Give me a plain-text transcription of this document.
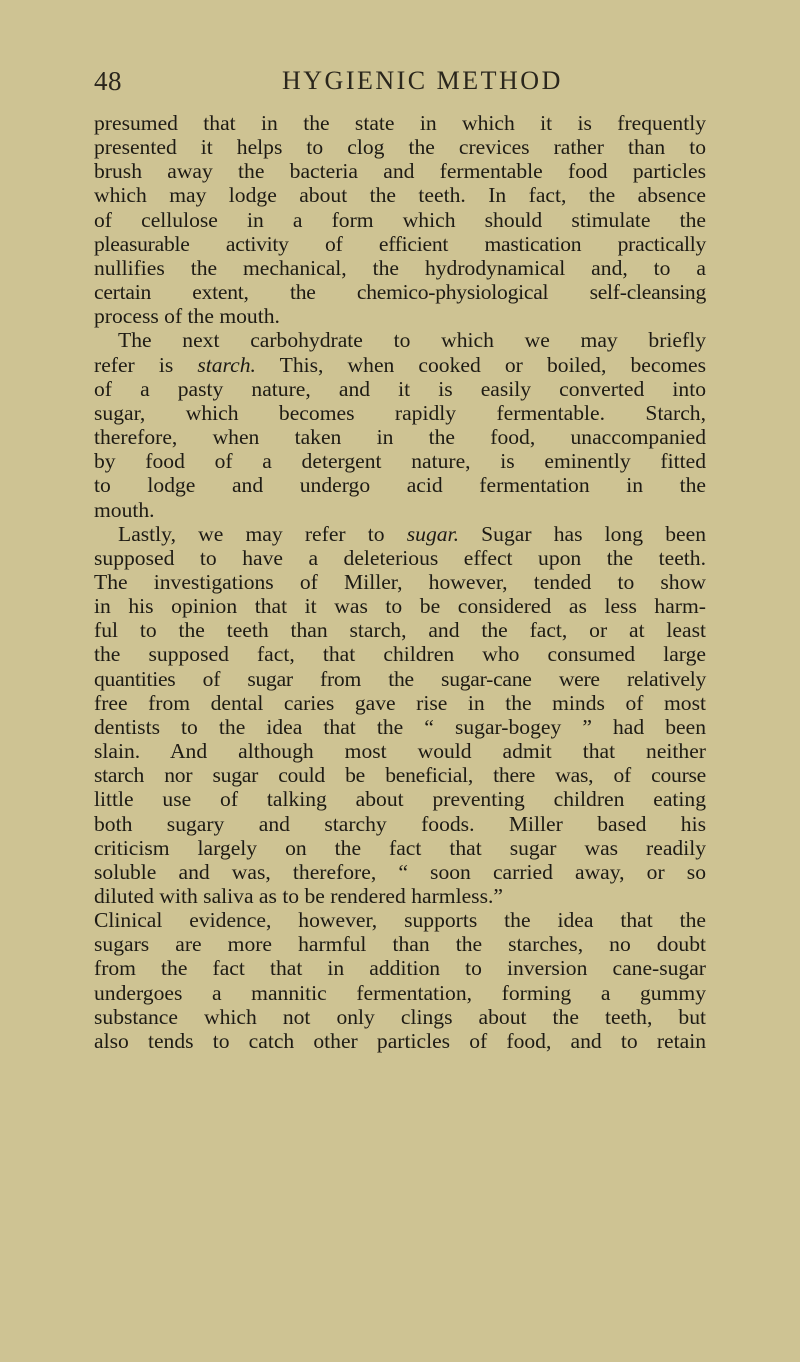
48	HYGIENIC METHOD
presumed that in the state in which it is frequently
presented it helps to clog the crevices rather than to
brush away the bacteria and fermentable food particles
which may lodge about the teeth. In fact, the absence
of cellulose in a form which should stimulate the
pleasurable activity of efficient mastication practically
nullifies the mechanical, the hydrodynamical and, to a
certain extent, the chemico-physiological self-cleansing
process of the mouth.
The next carbohydrate to which we may briefly
refer is starch. This, when cooked or boiled, becomes
of a pasty nature, and it is easily converted into
sugar, which becomes rapidly fermentable. Starch,
therefore, when taken in the food, unaccompanied
by food of a detergent nature, is eminently fitted
to lodge and undergo acid fermentation in the
mouth.
Lastly, we may refer to sugar. Sugar has long been
supposed to have a deleterious effect upon the teeth.
The investigations of Miller, however, tended to show
in his opinion that it was to be considered as less harm-
ful to the teeth than starch, and the fact, or at least
the supposed fact, that children who consumed large
quantities of sugar from the sugar-cane were relatively
free from dental caries gave rise in the minds of most
dentists to the idea that the “ sugar-bogey ” had been
slain. And although most would admit that neither
starch nor sugar could be beneficial, there was, of course
little use of talking about preventing children eating
both sugary and starchy foods. Miller based his
criticism largely on the fact that sugar was readily
soluble and was, therefore, “ soon carried away, or so
diluted with saliva as to be rendered harmless.”
Clinical evidence, however, supports the idea that the
sugars are more harmful than the starches, no doubt
from the fact that in addition to inversion cane-sugar
undergoes a mannitic fermentation, forming a gummy
substance which not only clings about the teeth, but
also tends to catch other particles of food, and to retain
